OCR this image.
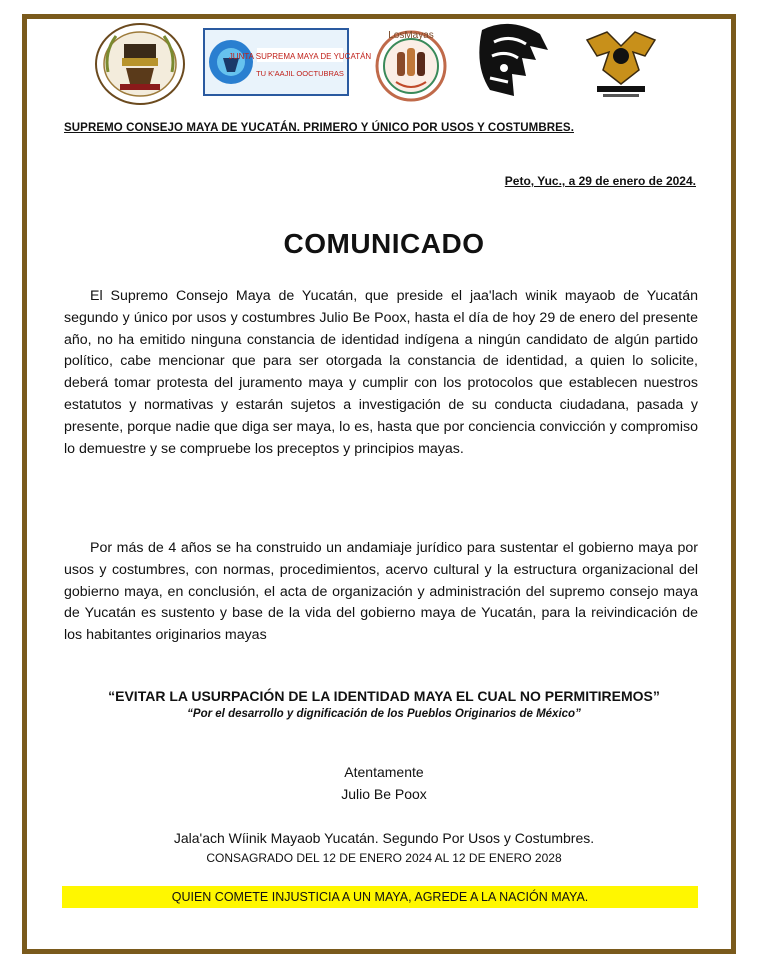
JUNTA SUPREMA MAYA DE YUCATÁN
TU K'AAJIL OOCTUBRAS
LosMayas
SUPREMO CONSEJO MAYA DE YUCATÁN. PRIMERO Y ÚNICO POR USOS Y COSTUMBRES.
Peto, Yuc., a 29 de enero de 2024.
COMUNICADO

El Supremo Consejo Maya de Yucatán, que preside el jaa'lach winik mayaob de Yucatán segundo y único por usos y costumbres Julio Be Poox, hasta el día de hoy 29 de enero del presente año, no ha emitido ninguna constancia de identidad indígena a ningún candidato de algún partido político, cabe mencionar que para ser otorgada la constancia de identidad, a quien lo solicite, deberá tomar protesta del juramento maya y cumplir con los protocolos que establecen nuestros estatutos y normativas y estarán sujetos a investigación de su conducta ciudadana, pasada y presente, porque nadie que diga ser maya, lo es, hasta que por conciencia convicción y compromiso lo demuestre y se compruebe los preceptos y principios mayas.

Por más de 4 años se ha construido un andamiaje jurídico para sustentar el gobierno maya por usos y costumbres, con normas, procedimientos, acervo cultural y la estructura organizacional del gobierno maya, en conclusión, el acta de organización y administración del supremo consejo maya de Yucatán es sustento y base de la vida del gobierno maya de Yucatán, para la reivindicación de los habitantes originarios mayas

“EVITAR LA USURPACIÓN DE LA IDENTIDAD MAYA EL CUAL NO PERMITIREMOS”
“Por el desarrollo y dignificación de los Pueblos Originarios de México”
Atentamente
Julio Be Poox
Jala'ach Wíinik Mayaob Yucatán. Segundo Por Usos y Costumbres.
CONSAGRADO DEL 12 DE ENERO 2024 AL 12 DE ENERO 2028
QUIEN COMETE INJUSTICIA A UN MAYA, AGREDE A LA NACIÓN MAYA.
